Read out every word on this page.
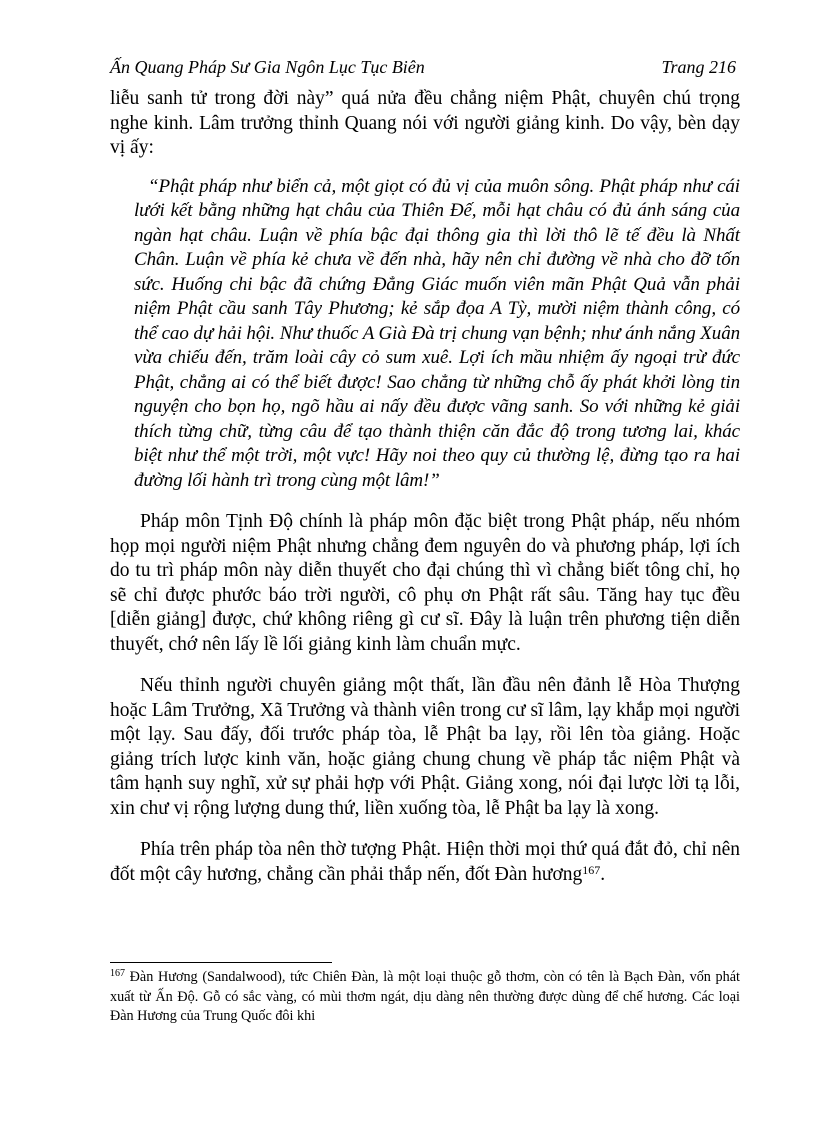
Ấn Quang Pháp Sư Gia Ngôn Lục Tục Biên	Trang 216

liễu sanh tử trong đời này” quá nửa đều chẳng niệm Phật, chuyên chú trọng nghe kinh. Lâm trưởng thỉnh Quang nói với người giảng kinh. Do vậy, bèn dạy vị ấy:

“Phật pháp như biển cả, một giọt có đủ vị của muôn sông. Phật pháp như cái lưới kết bằng những hạt châu của Thiên Đế, mỗi hạt châu có đủ ánh sáng của ngàn hạt châu. Luận về phía bậc đại thông gia thì lời thô lẽ tế đều là Nhất Chân. Luận về phía kẻ chưa về đến nhà, hãy nên chỉ đường về nhà cho đỡ tốn sức. Huống chi bậc đã chứng Đẳng Giác muốn viên mãn Phật Quả vẫn phải niệm Phật cầu sanh Tây Phương; kẻ sắp đọa A Tỳ, mười niệm thành công, có thể cao dự hải hội. Như thuốc A Già Đà trị chung vạn bệnh; như ánh nắng Xuân vừa chiếu đến, trăm loài cây cỏ sum xuê. Lợi ích mầu nhiệm ấy ngoại trừ đức Phật, chẳng ai có thể biết được! Sao chẳng từ những chỗ ấy phát khởi lòng tin nguyện cho bọn họ, ngõ hầu ai nấy đều được vãng sanh. So với những kẻ giải thích từng chữ, từng câu để tạo thành thiện căn đắc độ trong tương lai, khác biệt như thể một trời, một vực! Hãy noi theo quy củ thường lệ, đừng tạo ra hai đường lối hành trì trong cùng một lâm!”

Pháp môn Tịnh Độ chính là pháp môn đặc biệt trong Phật pháp, nếu nhóm họp mọi người niệm Phật nhưng chẳng đem nguyên do và phương pháp, lợi ích do tu trì pháp môn này diễn thuyết cho đại chúng thì vì chẳng biết tông chỉ, họ sẽ chỉ được phước báo trời người, cô phụ ơn Phật rất sâu. Tăng hay tục đều [diễn giảng] được, chứ không riêng gì cư sĩ. Đây là luận trên phương tiện diễn thuyết, chớ nên lấy lề lối giảng kinh làm chuẩn mực.

Nếu thỉnh người chuyên giảng một thất, lần đầu nên đảnh lễ Hòa Thượng hoặc Lâm Trưởng, Xã Trưởng và thành viên trong cư sĩ lâm, lạy khắp mọi người một lạy. Sau đấy, đối trước pháp tòa, lễ Phật ba lạy, rồi lên tòa giảng. Hoặc giảng trích lược kinh văn, hoặc giảng chung chung về pháp tắc niệm Phật và tâm hạnh suy nghĩ, xử sự phải hợp với Phật. Giảng xong, nói đại lược lời tạ lỗi, xin chư vị rộng lượng dung thứ, liền xuống tòa, lễ Phật ba lạy là xong.

Phía trên pháp tòa nên thờ tượng Phật. Hiện thời mọi thứ quá đắt đỏ, chỉ nên đốt một cây hương, chẳng cần phải thắp nến, đốt Đàn hương$^{167}$.

$^{167}$ Đàn Hương (Sandalwood), tức Chiên Đàn, là một loại thuộc gỗ thơm, còn có tên là Bạch Đàn, vốn phát xuất từ Ấn Độ. Gỗ có sắc vàng, có mùi thơm ngát, dịu dàng nên thường được dùng để chế hương. Các loại Đàn Hương của Trung Quốc đôi khi
